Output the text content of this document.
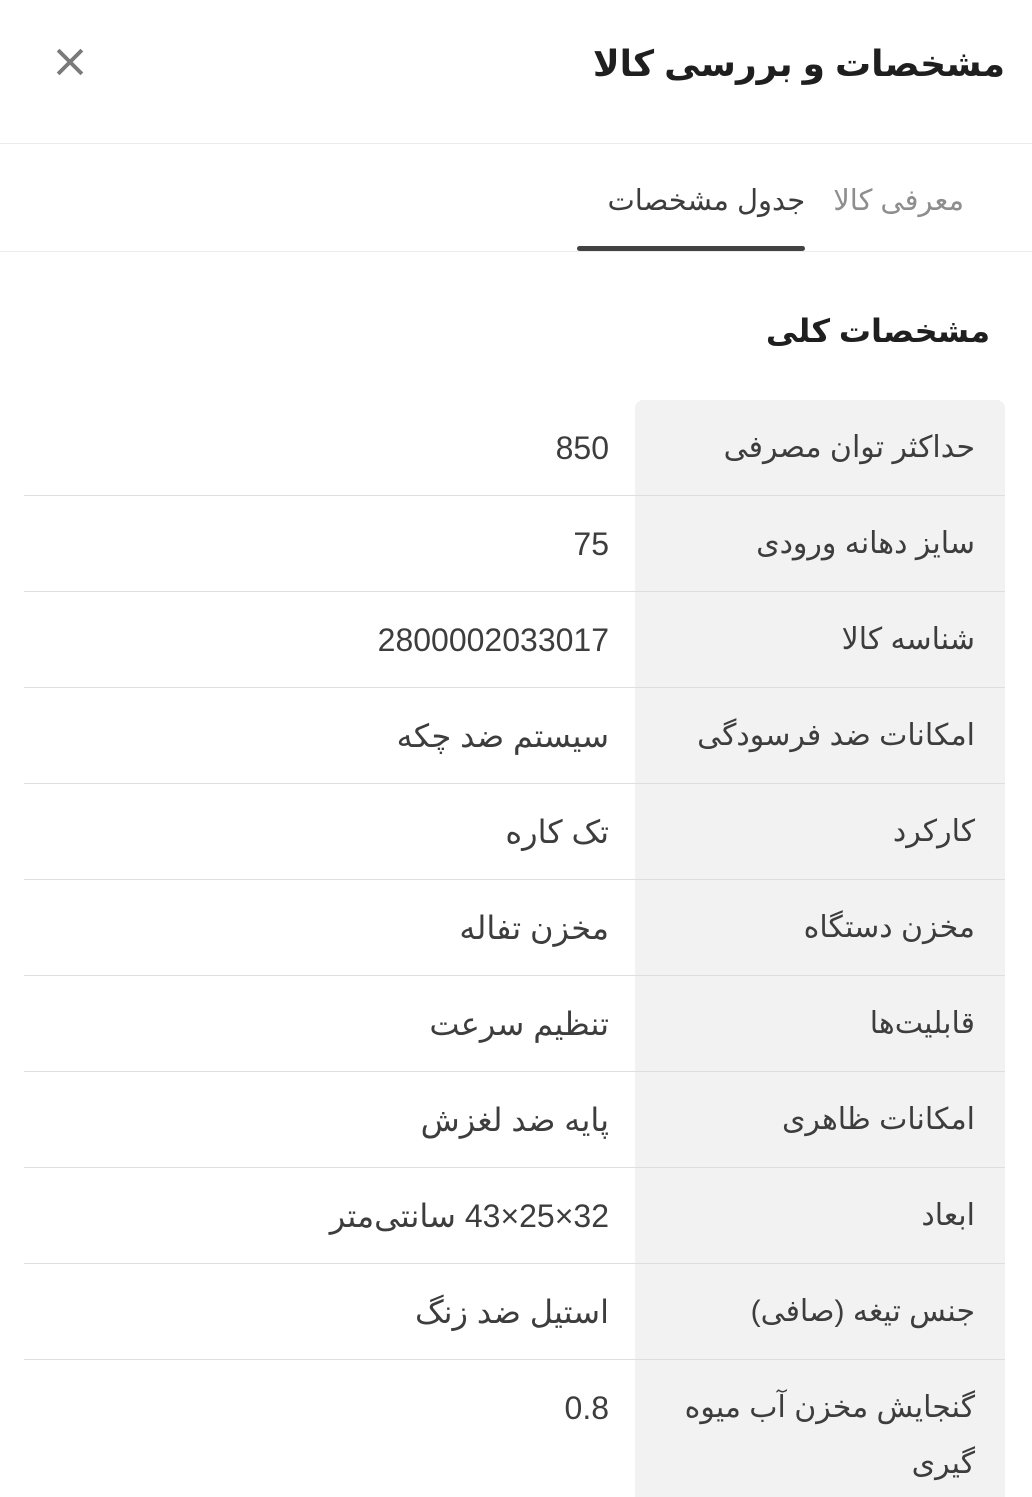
مشخصات و بررسی کالا
معرفی کالا
جدول مشخصات
مشخصات کلی
حداکثر توان مصرفی
850
سایز دهانه ورودی
75
شناسه کالا
2800002033017
امکانات ضد فرسودگی
سیستم ضد چکه
کارکرد
تک کاره
مخزن دستگاه
مخزن تفاله
قابلیت‌ها
تنظیم سرعت
امکانات ظاهری
پایه ضد لغزش
ابعاد
32×25×43 سانتی‌متر
جنس تیغه (صافی)
استیل ضد زنگ
گنجایش مخزن آب میوه گیری
0.8
